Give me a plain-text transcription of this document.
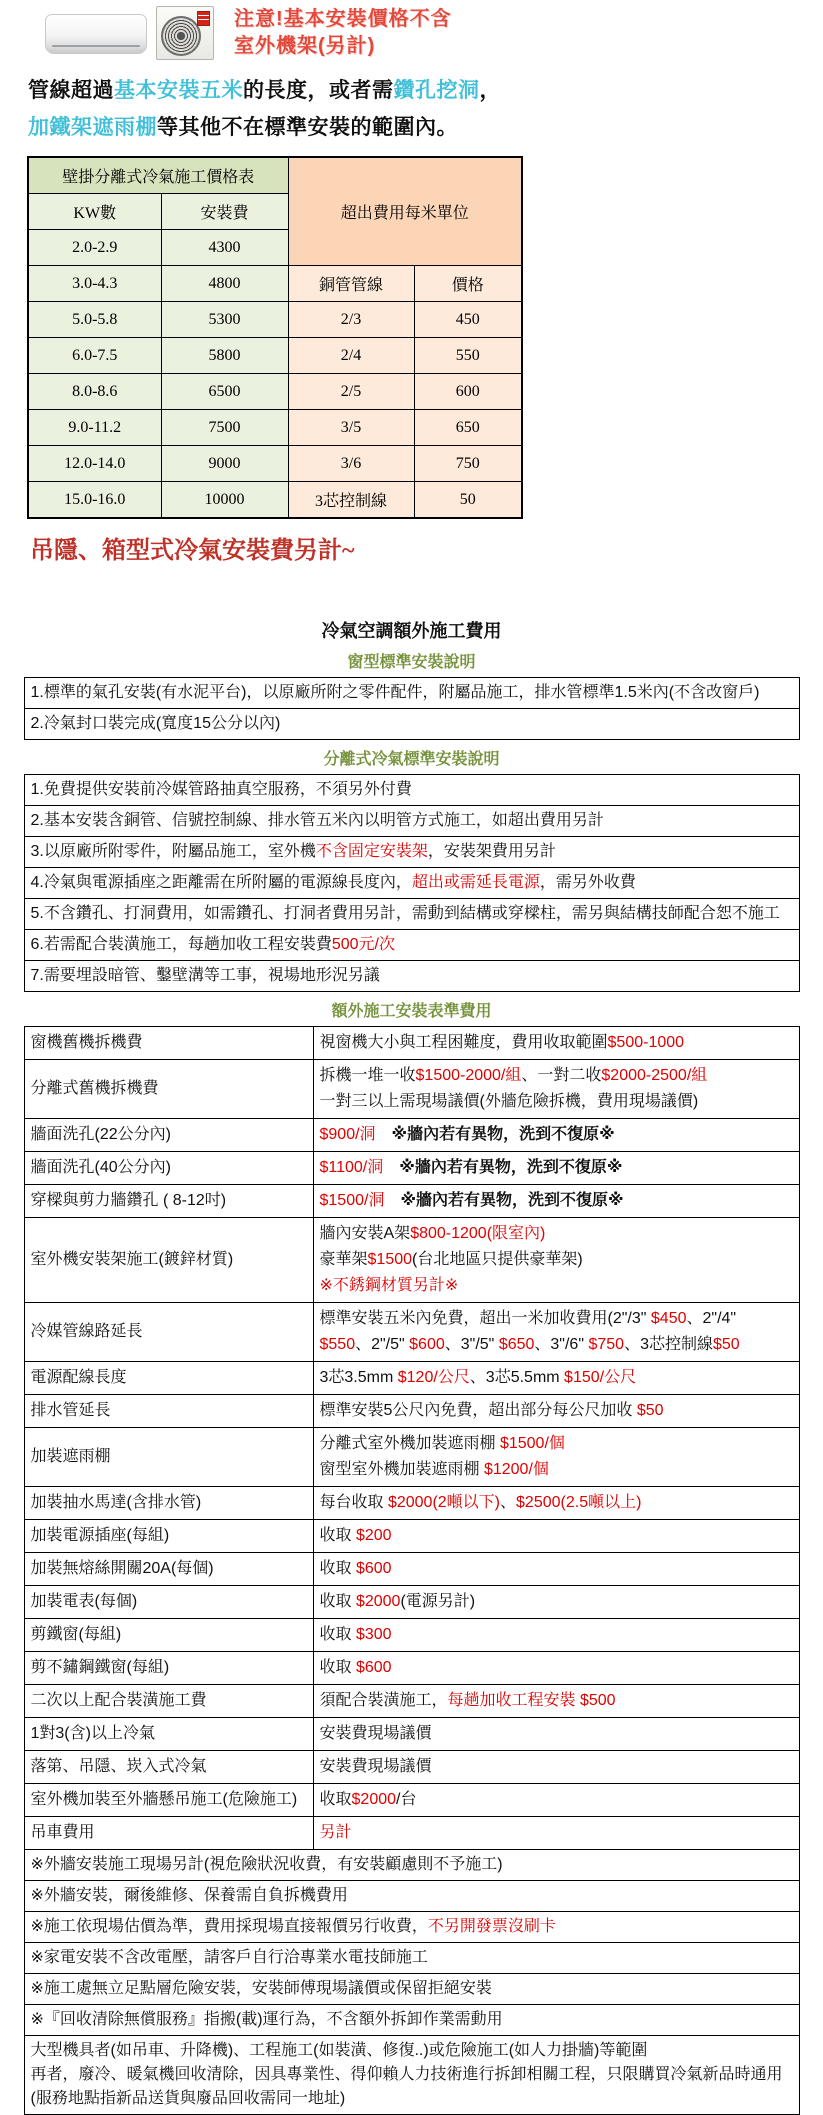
注意!基本安裝價格不含
室外機架(另計)
管線超過基本安裝五米的長度，或者需鑽孔挖洞，
加鐵架遮雨棚等其他不在標準安裝的範圍內。
壁掛分離式冷氣施工價格表		超出費用每米單位	
KW數	安裝費		
2.0-2.9	4300		
3.0-4.3	4800	銅管管線	價格
5.0-5.8	5300	2/3	450
6.0-7.5	5800	2/4	550
8.0-8.6	6500	2/5	600
9.0-11.2	7500	3/5	650
12.0-14.0	9000	3/6	750
15.0-16.0	10000	3芯控制線	50
吊隱、箱型式冷氣安裝費另計~
冷氣空調額外施工費用
窗型標準安裝說明
1.標準的氣孔安裝(有水泥平台)，以原廠所附之零件配件，附屬品施工，排水管標準1.5米內(不含改窗戶)
2.冷氣封口裝完成(寬度15公分以內)
分離式冷氣標準安裝說明
1.免費提供安裝前冷媒管路抽真空服務，不須另外付費
2.基本安裝含銅管、信號控制線、排水管五米內以明管方式施工，如超出費用另計
3.以原廠所附零件，附屬品施工，室外機不含固定安裝架，安裝架費用另計
4.冷氣與電源插座之距離需在所附屬的電源線長度內，超出或需延長電源，需另外收費
5.不含鑽孔、打洞費用，如需鑽孔、打洞者費用另計，需動到結構或穿樑柱，需另與結構技師配合恕不施工
6.若需配合裝潢施工，每趟加收工程安裝費500元/次
7.需要埋設暗管、鑿壁溝等工事，視場地形況另議
額外施工安裝表準費用
窗機舊機拆機費	視窗機大小與工程困難度，費用收取範圍$500-1000

分離式舊機拆機費	拆機一堆一收$1500-2000/組、一對二收$2000-2500/組
一對三以上需現場議價(外牆危險拆機，費用現場議價)

牆面洗孔(22公分內)	$900/洞　※牆內若有異物，洗到不復原※

牆面洗孔(40公分內)	$1100/洞　※牆內若有異物，洗到不復原※

穿樑與剪力牆鑽孔 ( 8-12吋)	$1500/洞　※牆內若有異物，洗到不復原※

室外機安裝架施工(鍍鋅材質)	牆內安裝A架$800-1200(限室內)
豪華架$1500(台北地區只提供豪華架)
※不銹鋼材質另計※

冷媒管線路延長	標準安裝五米內免費，超出一米加收費用(2"/3" $450、2"/4"
$550、2"/5" $600、3"/5" $650、3"/6" $750、3芯控制線$50

電源配線長度	3芯3.5mm $120/公尺、3芯5.5mm $150/公尺

排水管延長	標準安裝5公尺內免費，超出部分每公尺加收 $50

加裝遮雨棚	分離式室外機加裝遮雨棚 $1500/個
窗型室外機加裝遮雨棚 $1200/個

加裝抽水馬達(含排水管)	每台收取 $2000(2噸以下)、$2500(2.5噸以上)

加裝電源插座(每組)	收取 $200

加裝無熔絲開關20A(每個)	收取 $600

加裝電表(每個)	收取 $2000(電源另計)

剪鐵窗(每組)	收取 $300

剪不鏽鋼鐵窗(每組)	收取 $600

二次以上配合裝潢施工費	須配合裝潢施工，每趟加收工程安裝 $500

1對3(含)以上冷氣	安裝費現場議價

落第、吊隱、崁入式冷氣	安裝費現場議價

室外機加裝至外牆懸吊施工(危險施工)	收取$2000/台

吊車費用	另計

※外牆安裝施工現場另計(視危險狀況收費，有安裝顧慮則不予施工)	
※外牆安裝，爾後維修、保養需自負拆機費用	
※施工依現場估價為準，費用採現場直接報價另行收費，不另開發票沒刷卡	
※家電安裝不含改電壓，請客戶自行洽專業水電技師施工	
※施工處無立足點層危險安裝，安裝師傅現場議價或保留拒絕安裝	
※『回收清除無償服務』指搬(載)運行為，不含額外拆卸作業需動用	

大型機具者(如吊車、升降機)、工程施工(如裝潢、修復..)或危險施工(如人力掛牆)等範圍
再者，廢冷、暖氣機回收清除，因具專業性、得仰賴人力技術進行拆卸相關工程，只限購買冷氣新品時通用
(服務地點指新品送貨與廢品回收需同一地址)	
